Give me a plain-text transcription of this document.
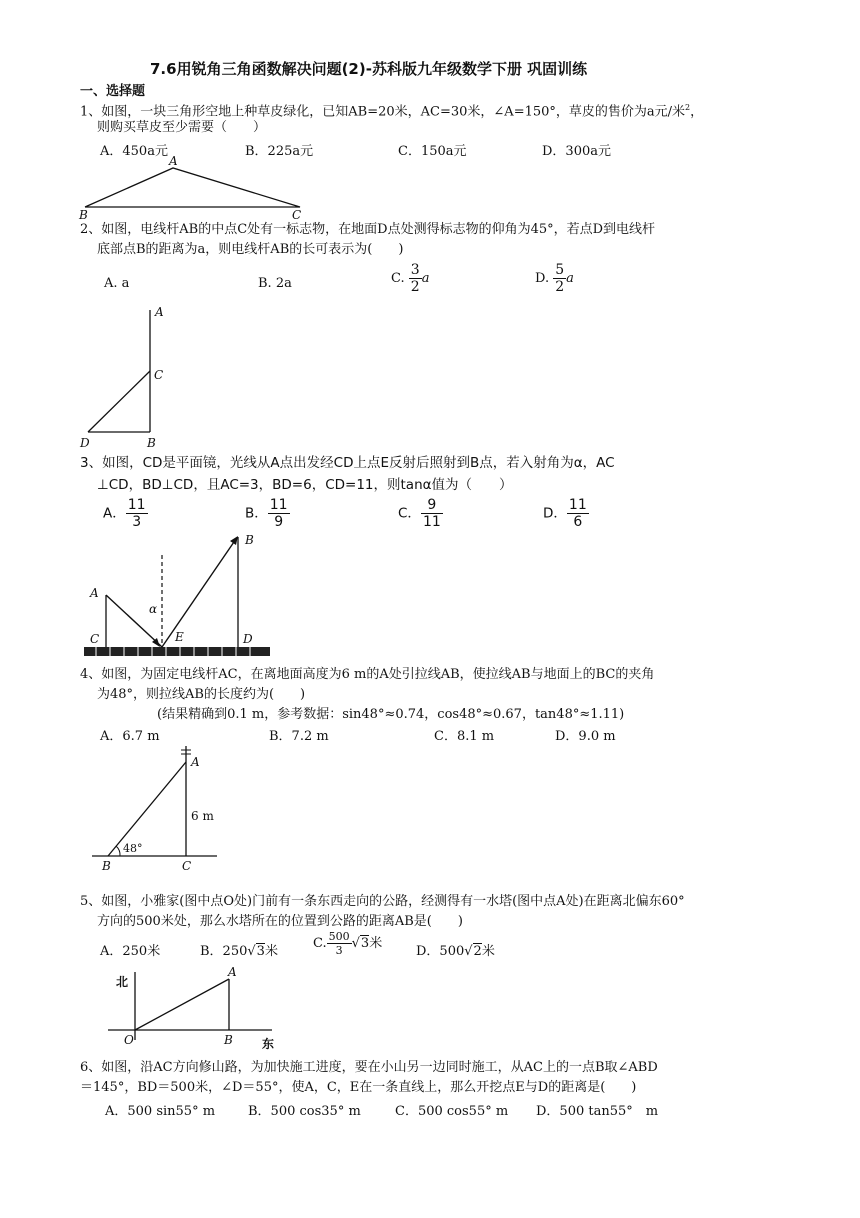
7.6用锐角三角函数解决问题(2)-苏科版九年级数学下册 巩固训练
一、选择题
1、如图，一块三角形空地上种草皮绿化，已知AB=20米，AC=30米，∠A=150°，草皮的售价为a元/米$^2$，
则购买草皮至少需要（　　）
A．450a元	B．225a元	C．150a元	D．300a元
A
B	C
2、如图，电线杆AB的中点C处有一标志物，在地面D点处测得标志物的仰角为45°，若点D到电线杆
底部点B的距离为a，则电线杆AB的长可表示为(　　)
A. a	B. 2a	C. $\frac{3}{2}$ a	D. $\frac{5}{2}$ a
A
C
D	B
3、如图，CD是平面镜，光线从A点出发经CD上点E反射后照射到B点，若入射角为α，AC
⊥CD，BD⊥CD，且AC=3，BD=6，CD=11，则tanα值为（　　）
A． $\frac{11}{3}$	B． $\frac{11}{9}$	C． $\frac{9}{11}$	D． $\frac{11}{6}$
A
B
C	D
E
α
4、如图，为固定电线杆AC，在离地面高度为6 m的A处引拉线AB，使拉线AB与地面上的BC的夹角
为48°，则拉线AB的长度约为(　　)
(结果精确到0.1 m，参考数据：sin48°≈0.74，cos48°≈0.67，tan48°≈1.11)
A．6.7 m	B．7.2 m	C．8.1 m	D．9.0 m
A
B	C
6 m
48°
5、如图，小雅家(图中点O处)门前有一条东西走向的公路，经测得有一水塔(图中点A处)在距离北偏东60°
方向的500米处，那么水塔所在的位置到公路的距离AB是(　　)
A．250米	B．250√3米
C. $\frac{500}{3} √3$米
D．500√2米
北
东
O
A
B
6、如图，沿AC方向修山路，为加快施工进度，要在小山另一边同时施工，从AC上的一点B取∠ABD
＝145°，BD＝500米，∠D＝55°，使A，C，E在一条直线上，那么开挖点E与D的距离是(　　)
A．500 sin55° m	B．500 cos35° m	C．500 cos55° m D．500 tan55°　m
